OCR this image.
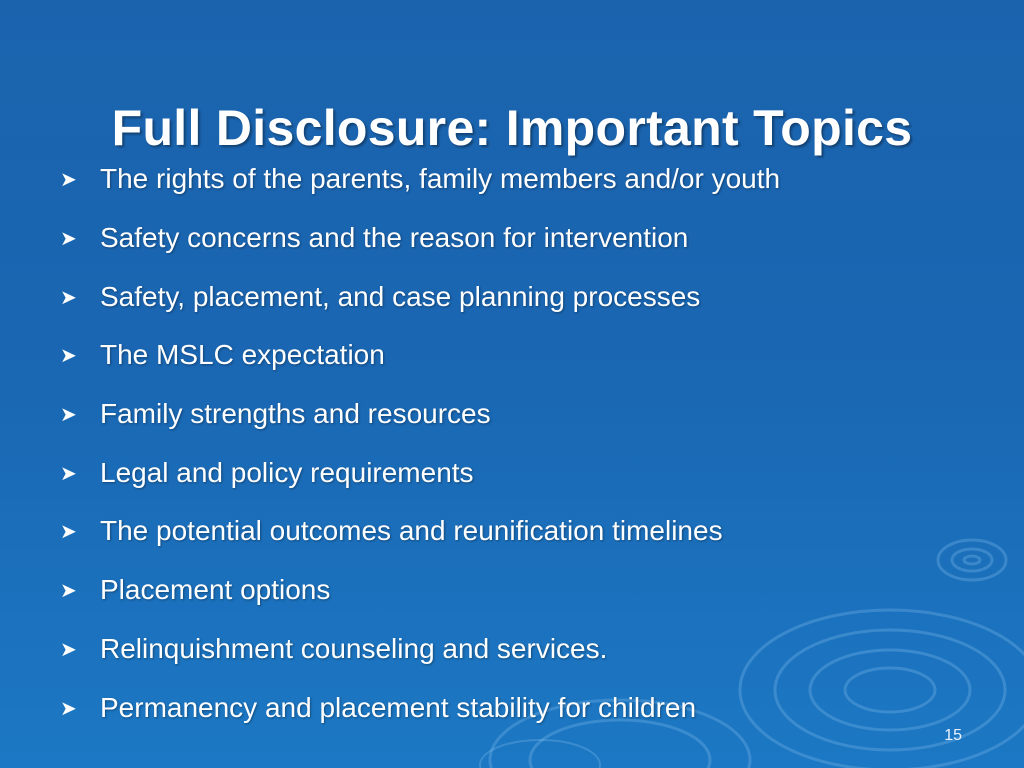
Full Disclosure: Important Topics
➤ The rights of the parents, family members and/or youth
➤ Safety concerns and the reason for intervention
➤ Safety, placement, and case planning processes
➤ The MSLC expectation
➤ Family strengths and resources
➤ Legal and policy requirements
➤ The potential outcomes and reunification timelines
➤ Placement options
➤ Relinquishment counseling and services.
➤ Permanency and placement stability for children
15
